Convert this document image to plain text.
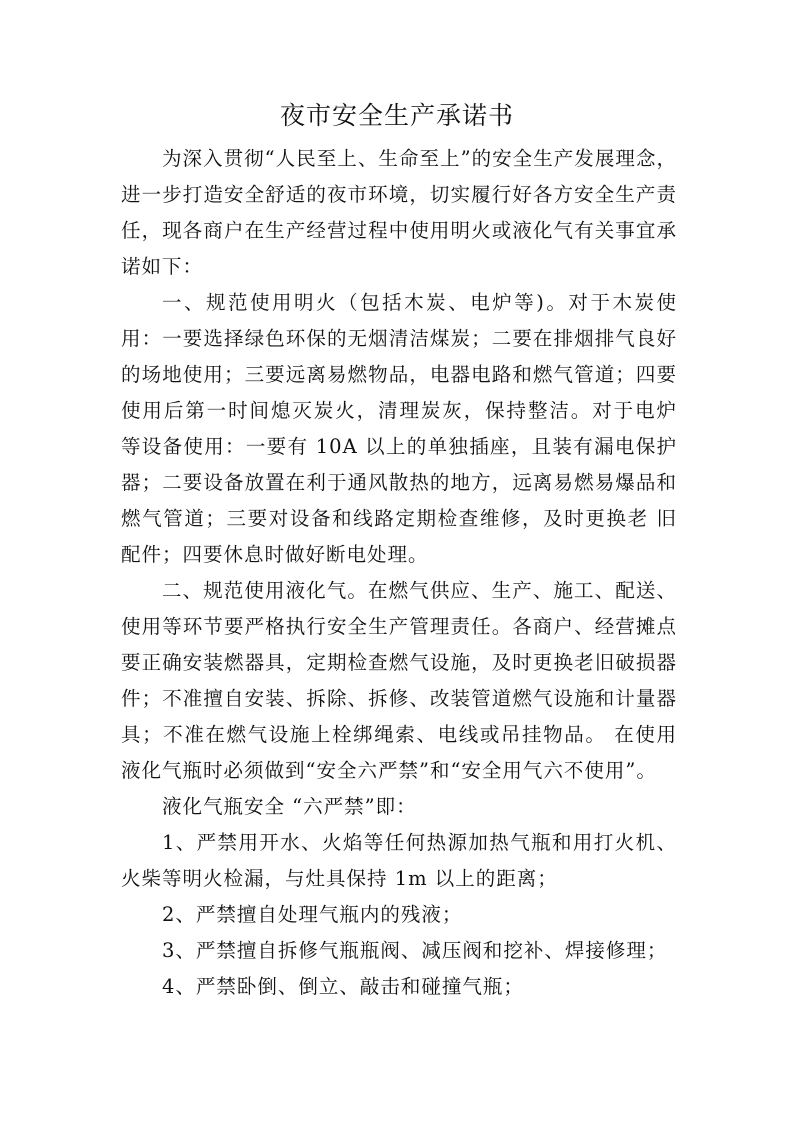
夜市安全生产承诺书

为深入贯彻“人民至上、生命至上”的安全生产发展理念，进一步打造安全舒适的夜市环境，切实履行好各方安全生产责任，现各商户在生产经营过程中使用明火或液化气有关事宜承诺如下：

一、规范使用明火（包括木炭、电炉等)。对于木炭使用：一要选择绿色环保的无烟清洁煤炭；二要在排烟排气良好的场地使用；三要远离易燃物品，电器电路和燃气管道；四要使用后第一时间熄灭炭火，清理炭灰，保持整洁。对于电炉 等设备使用：一要有 10A 以上的单独插座，且装有漏电保护器；二要设备放置在利于通风散热的地方，远离易燃易爆品和燃气管道；三要对设备和线路定期检查维修，及时更换老 旧配件；四要休息时做好断电处理。

二、规范使用液化气。在燃气供应、生产、施工、配送、使用等环节要严格执行安全生产管理责任。各商户、经营摊点要正确安装燃器具，定期检查燃气设施，及时更换老旧破损器件；不准擅自安装、拆除、拆修、改装管道燃气设施和计量器具；不准在燃气设施上栓绑绳索、电线或吊挂物品。 在使用液化气瓶时必须做到“安全六严禁”和“安全用气六不使用”。

液化气瓶安全 “六严禁”即：

1、严禁用开水、火焰等任何热源加热气瓶和用打火机、火柴等明火检漏，与灶具保持 1m 以上的距离；

2、严禁擅自处理气瓶内的残液；

3、严禁擅自拆修气瓶瓶阀、减压阀和挖补、焊接修理；

4、严禁卧倒、倒立、敲击和碰撞气瓶；
